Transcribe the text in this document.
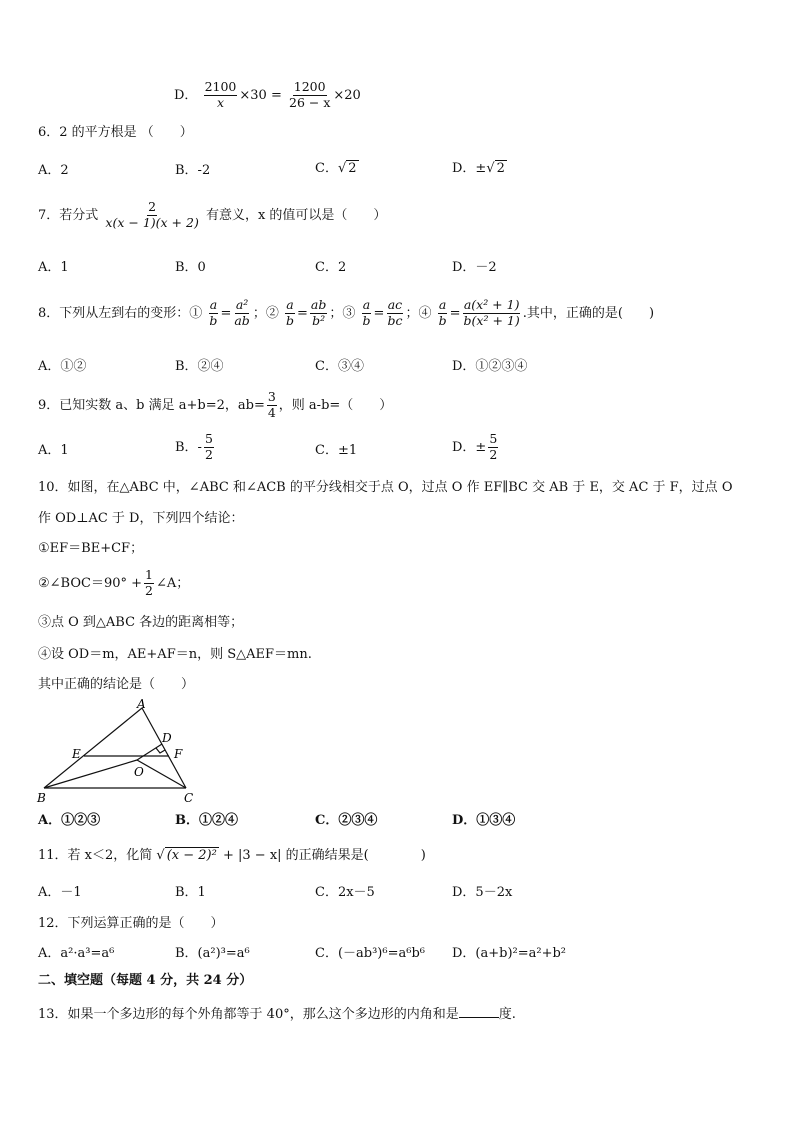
D． $\frac{2100}{x} \times 30 = \frac{1200}{26 - x} \times 20$
6．2 的平方根是 （　　）
A．2	B．-2	C．√ 2	D．±√ 2
7．若分式 $\frac{2}{x(x - 1)(x + 2)}$ 有意义，x 的值可以是（　　）
A．1	B．0	C．2	D．－2
8．下列从左到右的变形：① $\frac{a}{b} = \frac{\text{a²}}{ab}$ ；② $\frac{a}{b} = \frac{ab}{\text{b²}}$ ；③ $\frac{a}{b} = \frac{ac}{bc}$ ；④ $\frac{a}{b} = \frac{\text{a(x² + 1)}}{\text{b(x² + 1)}}$ .其中，正确的是(　　)
A．①②	B．②④	C．③④	D．①②③④
9．已知实数 a、b 满足 a+b=2，$ab= \frac{3}{4}$ ，则 a-b=（　　）
A．1	B．- $\frac{5}{2}$	C．±1	D．± $\frac{5}{2}$
10．如图，在△ABC 中，∠ABC 和∠ACB 的平分线相交于点 O，过点 O 作 EF∥BC 交 AB 于 E，交 AC 于 F，过点 O
作 OD⊥AC 于 D，下列四个结论：
①EF＝BE+CF；
②∠BOC＝90° + $\frac{1}{2}$ ∠A；
③点 O 到△ABC 各边的距离相等；
④设 OD＝m，AE+AF＝n，则 S△AEF＝mn.
其中正确的结论是（　　）
A
B	C
D
E	F
O
A．①②③	B．①②④	C．②③④	D．①③④
11．若 x＜2，化简 √ (x − 2)² + |3 − x| 的正确结果是(　　　　)
A．－1	B．1	C．2x－5	D．5－2x
12．下列运算正确的是（　　）
A．a²·a³=a⁶	B．(a²)³=a⁶	C．(－ab³)⁶=a⁶b⁶ D．(a+b)²=a²+b²
二、填空题（每题 4 分，共 24 分）
13．如果一个多边形的每个外角都等于 40°，那么这个多边形的内角和是	度.
